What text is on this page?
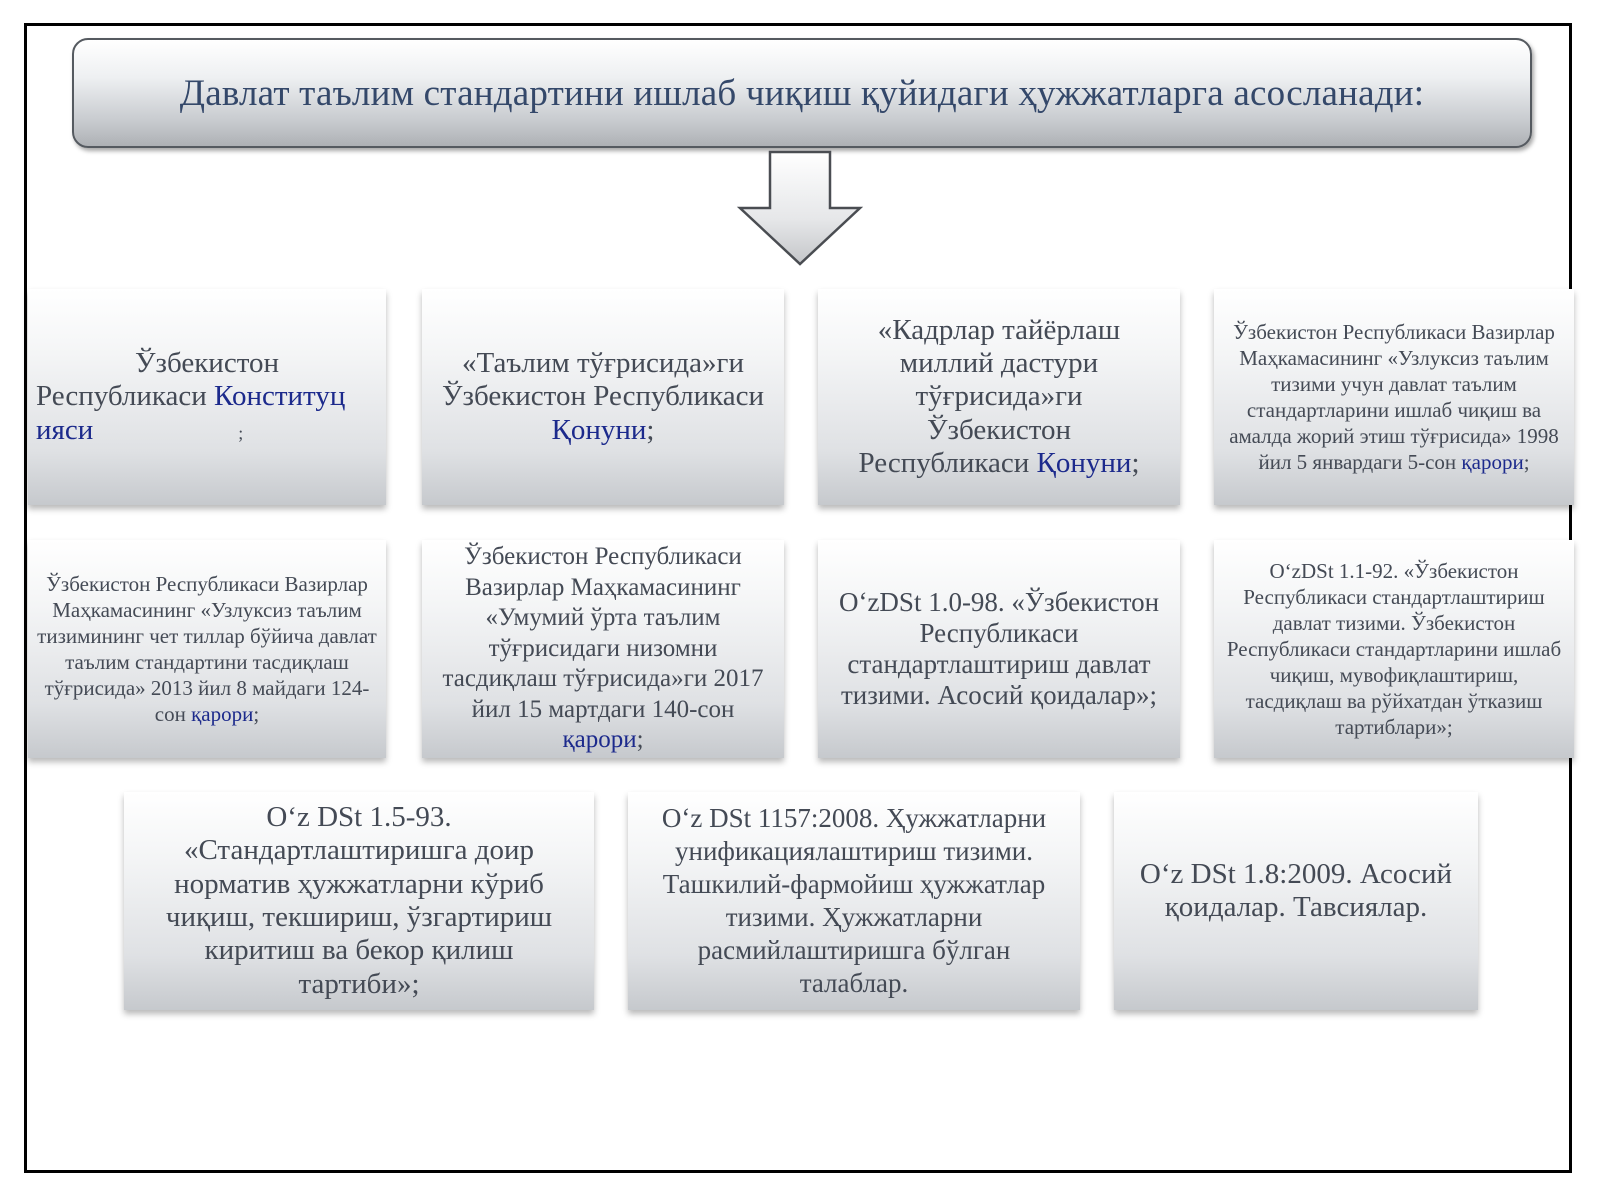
Давлат таълим стандартини ишлаб чиқиш қуйидаги ҳужжатларга асосланади:
Ўзбекистон
Республикаси Конституц
ияси	;
«Таълим тўғрисида»ги Ўзбекистон Республикаси Қонуни;
«Кадрлар тайёрлаш миллий дастури тўғрисида»ги Ўзбекистон Республикаси Қонуни;
Ўзбекистон Республикаси Вазирлар Маҳкамасининг «Узлуксиз таълим тизими учун давлат таълим стандартларини ишлаб чиқиш ва амалда жорий этиш тўғрисида» 1998 йил 5 январдаги 5-сон қарори;
Ўзбекистон Республикаси Вазирлар Маҳкамасининг «Узлуксиз таълим тизимининг чет тиллар бўйича давлат таълим стандартини тасдиқлаш тўғрисида» 2013 йил 8 майдаги 124-сон қарори;
Ўзбекистон Республикаси Вазирлар Маҳкамасининг «Умумий ўрта таълим тўғрисидаги низомни тасдиқлаш тўғрисида»ги 2017 йил 15 мартдаги 140-сон қарори;
OʻzDSt 1.0-98. «Ўзбекистон Республикаси стандартлаштириш давлат тизими. Асосий қоидалар»;
OʻzDSt 1.1-92. «Ўзбекистон Республикаси стандартлаштириш давлат тизими. Ўзбекистон Республикаси стандартларини ишлаб чиқиш, мувофиқлаштириш, тасдиқлаш ва рўйхатдан ўтказиш тартиблари»;
Oʻz DSt 1.5-93. «Стандартлаштиришга доир норматив ҳужжатларни кўриб чиқиш, текшириш, ўзгартириш киритиш ва бекор қилиш тартиби»;
Oʻz DSt 1157:2008. Ҳужжатларни унификациялаштириш тизими. Ташкилий-фармойиш ҳужжатлар тизими. Ҳужжатларни расмийлаштиришга бўлган талаблар.
Oʻz DSt 1.8:2009. Асосий қоидалар. Тавсиялар.
